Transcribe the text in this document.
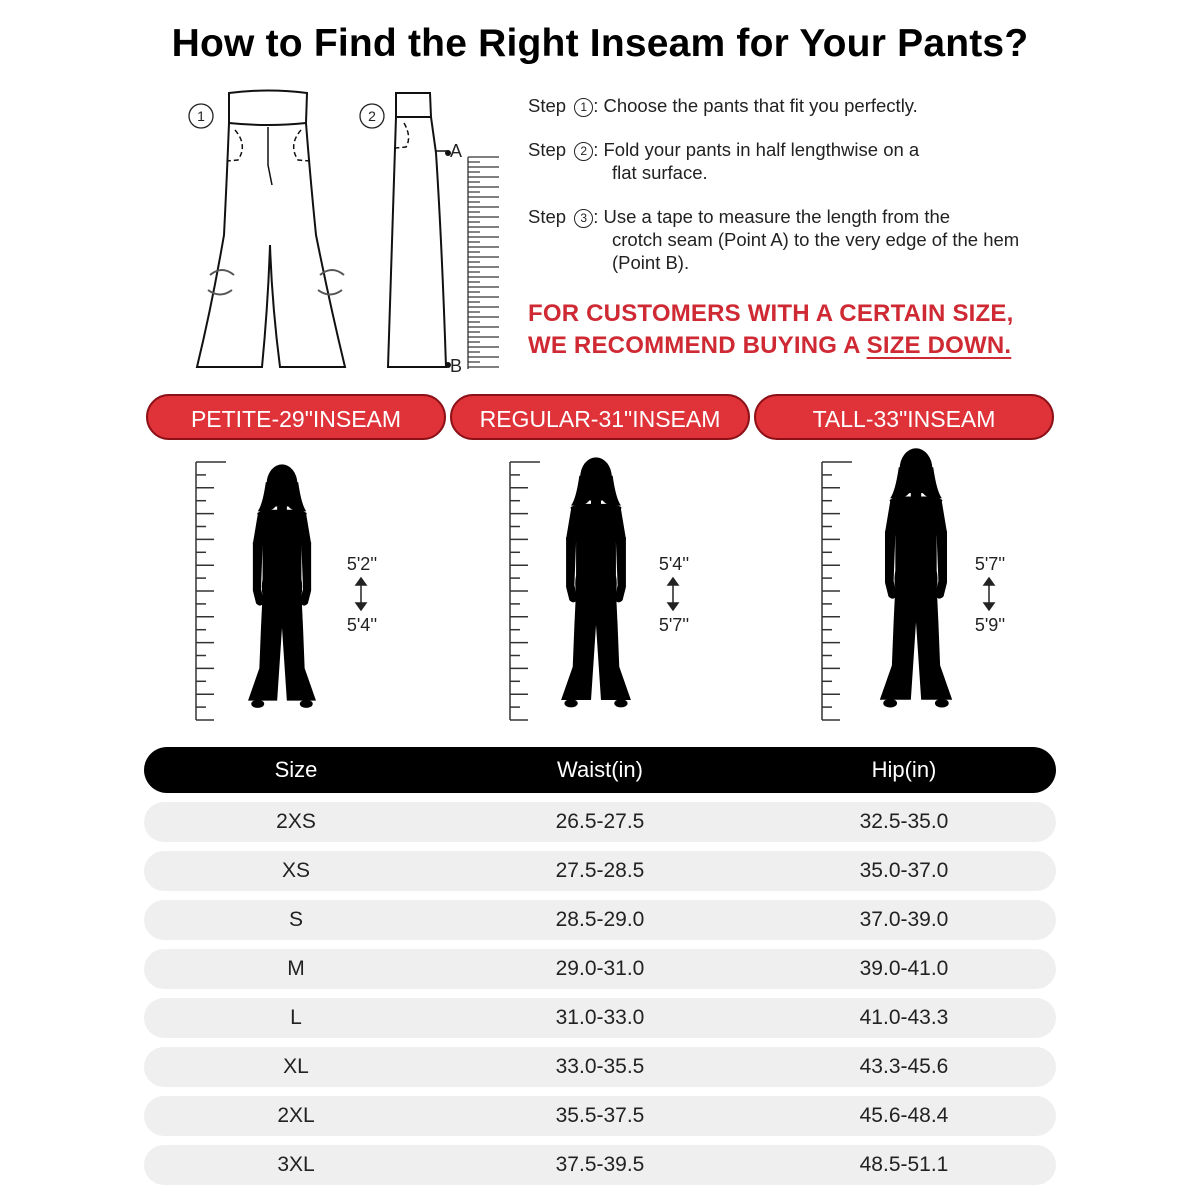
How to Find the Right Inseam for Your Pants?
1	2
A
B
Step 1 : Choose the pants that fit you perfectly.
Step 2 : Fold your pants in half lengthwise on a
flat surface.
Step 3 : Use a tape to measure the length from the
crotch seam (Point A) to the very edge of the hem (Point B).
FOR CUSTOMERS WITH A CERTAIN SIZE,
WE RECOMMEND BUYING A SIZE DOWN.
PETITE-29"INSEAM	REGULAR-31"INSEAM	TALL-33"INSEAM
5'2''
5'4''
5'4''
5'7''
5'7''
5'9''
Size	Waist(in)	Hip(in)
2XS	26.5-27.5	32.5-35.0
XS	27.5-28.5	35.0-37.0
S	28.5-29.0	37.0-39.0
M	29.0-31.0	39.0-41.0
L	31.0-33.0	41.0-43.3
XL	33.0-35.5	43.3-45.6
2XL	35.5-37.5	45.6-48.4
3XL	37.5-39.5	48.5-51.1
